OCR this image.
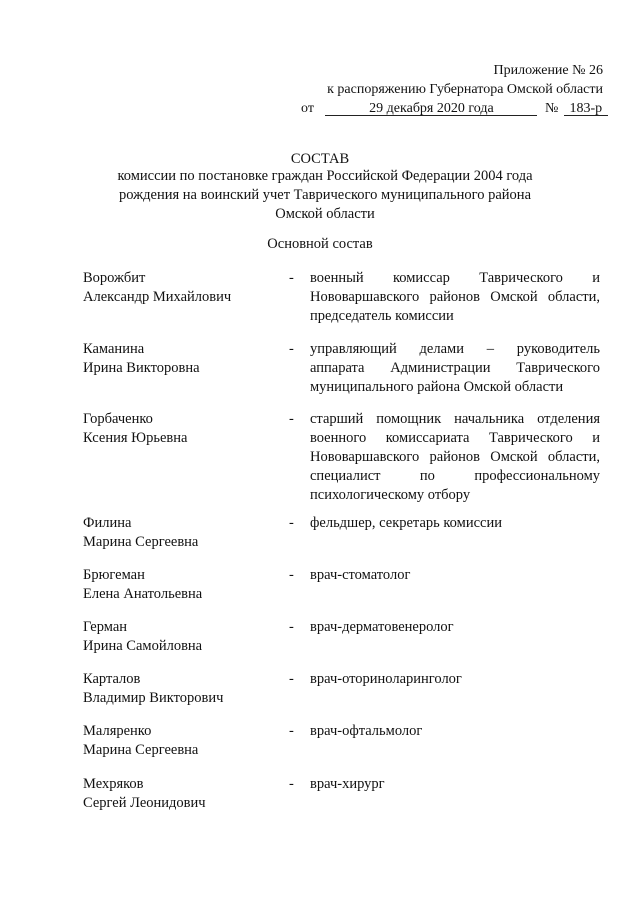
Приложение № 26
к распоряжению Губернатора Омской области
от	29 декабря 2020 года	№ 183-р
СОСТАВ
комиссии по постановке граждан Российской Федерации 2004 года рождения на воинский учет Таврического муниципального района Омской области
Основной состав
Ворожбит
Александр Михайлович
- военный комиссар Таврического и Нововаршавского районов Омской области, председатель комиссии
Каманина
Ирина Викторовна
- управляющий делами – руководитель аппарата Администрации Таврического муниципального района Омской области
Горбаченко
Ксения Юрьевна
- старший помощник начальника отделения военного комиссариата Таврического и Нововаршавского районов Омской области, специалист по профессиональному психологическому отбору
Филина
Марина Сергеевна
- фельдшер, секретарь комиссии
Брюгеман
Елена Анатольевна
- врач-стоматолог
Герман
Ирина Самойловна
- врач-дерматовенеролог
Карталов
Владимир Викторович
- врач-оториноларинголог
Маляренко
Марина Сергеевна
- врач-офтальмолог
Мехряков
Сергей Леонидович
- врач-хирург
